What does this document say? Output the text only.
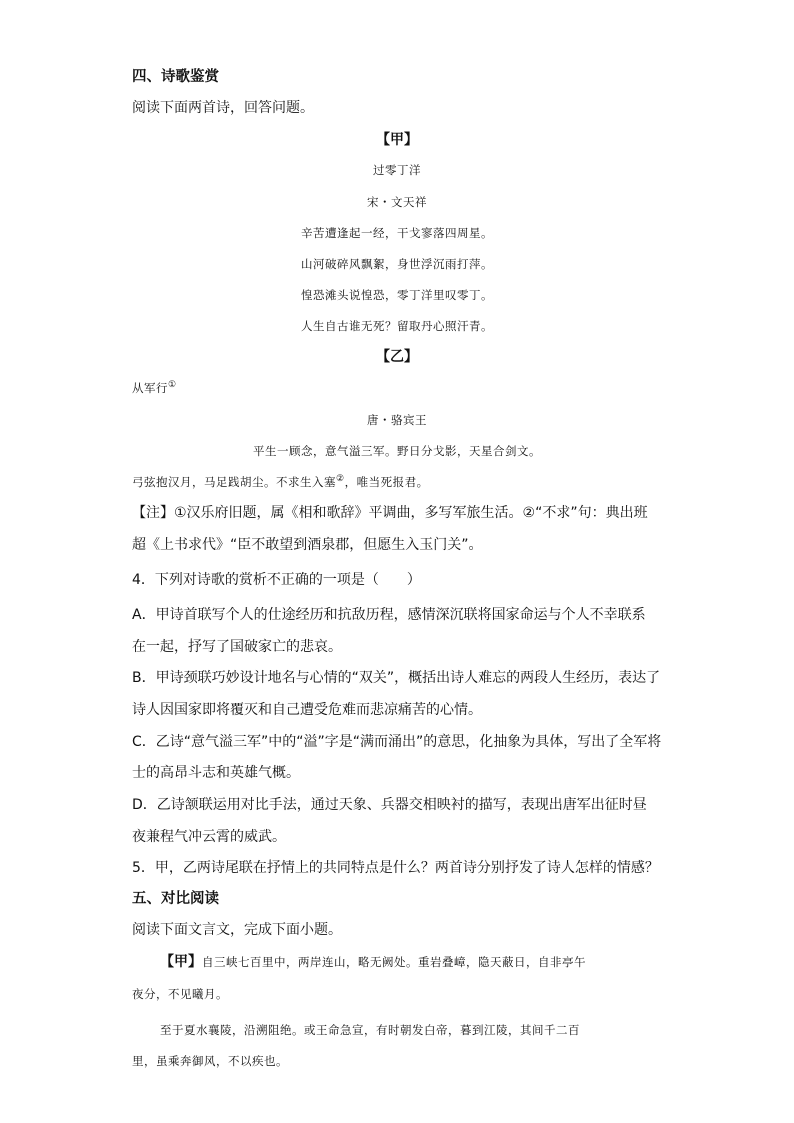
四、诗歌鉴赏
阅读下面两首诗，回答问题。
【甲】
过零丁洋
宋・文天祥
辛苦遭逢起一经，干戈寥落四周星。
山河破碎风飘絮，身世浮沉雨打萍。
惶恐滩头说惶恐，零丁洋里叹零丁。
人生自古谁无死？留取丹心照汗青。
【乙】
从军行①
唐・骆宾王
平生一顾念，意气溢三军。野日分戈影，天星合剑文。
弓弦抱汉月，马足践胡尘。不求生入塞②，唯当死报君。
【注】①汉乐府旧题，属《相和歌辞》平调曲，多写军旅生活。②“不求”句：典出班
超《上书求代》“臣不敢望到酒泉郡，但愿生入玉门关”。
4．下列对诗歌的赏析不正确的一项是（　　）
A．甲诗首联写个人的仕途经历和抗敌历程，感情深沉联将国家命运与个人不幸联系
在一起，抒写了国破家亡的悲哀。
B．甲诗颈联巧妙设计地名与心情的“双关”，概括出诗人难忘的两段人生经历，表达了
诗人因国家即将覆灭和自己遭受危难而悲凉痛苦的心情。
C．乙诗“意气溢三军”中的“溢”字是“满而涌出”的意思，化抽象为具体，写出了全军将
士的高昂斗志和英雄气概。
D．乙诗颔联运用对比手法，通过天象、兵器交相映衬的描写，表现出唐军出征时昼
夜兼程气冲云霄的威武。
5．甲，乙两诗尾联在抒情上的共同特点是什么？两首诗分别抒发了诗人怎样的情感？
五、对比阅读
阅读下面文言文，完成下面小题。
【甲】自三峡七百里中，两岸连山，略无阙处。重岩叠嶂，隐天蔽日，自非亭午
夜分，不见曦月。
至于夏水襄陵，沿溯阻绝。或王命急宣，有时朝发白帝，暮到江陵，其间千二百
里，虽乘奔御风，不以疾也。
